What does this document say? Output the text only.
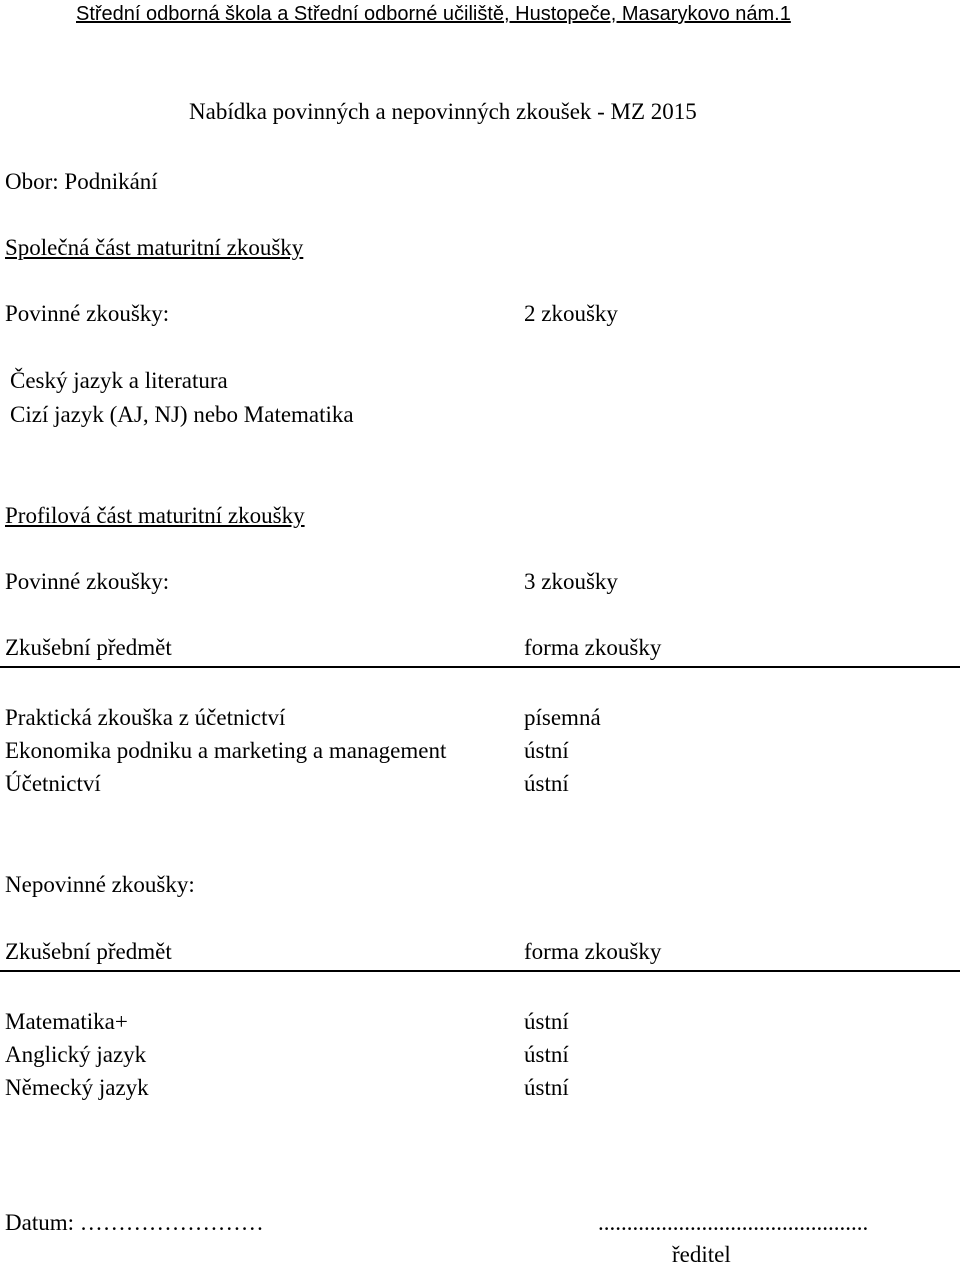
Střední odborná škola a Střední odborné učiliště, Hustopeče, Masarykovo nám.1
Nabídka povinných a nepovinných zkoušek - MZ 2015
Obor: Podnikání
Společná část maturitní zkoušky
Povinné zkoušky:	2 zkoušky
Český jazyk a literatura
Cizí jazyk (AJ, NJ) nebo Matematika
Profilová část maturitní zkoušky
Povinné zkoušky:	3 zkoušky
Zkušební předmět	forma zkoušky
Praktická zkouška z účetnictví	písemná
Ekonomika podniku a marketing a management	ústní
Účetnictví	ústní
Nepovinné zkoušky:
Zkušební předmět	forma zkoušky
Matematika+	ústní
Anglický jazyk	ústní
Německý jazyk	ústní
Datum: ……………………	...............................................
ředitel
